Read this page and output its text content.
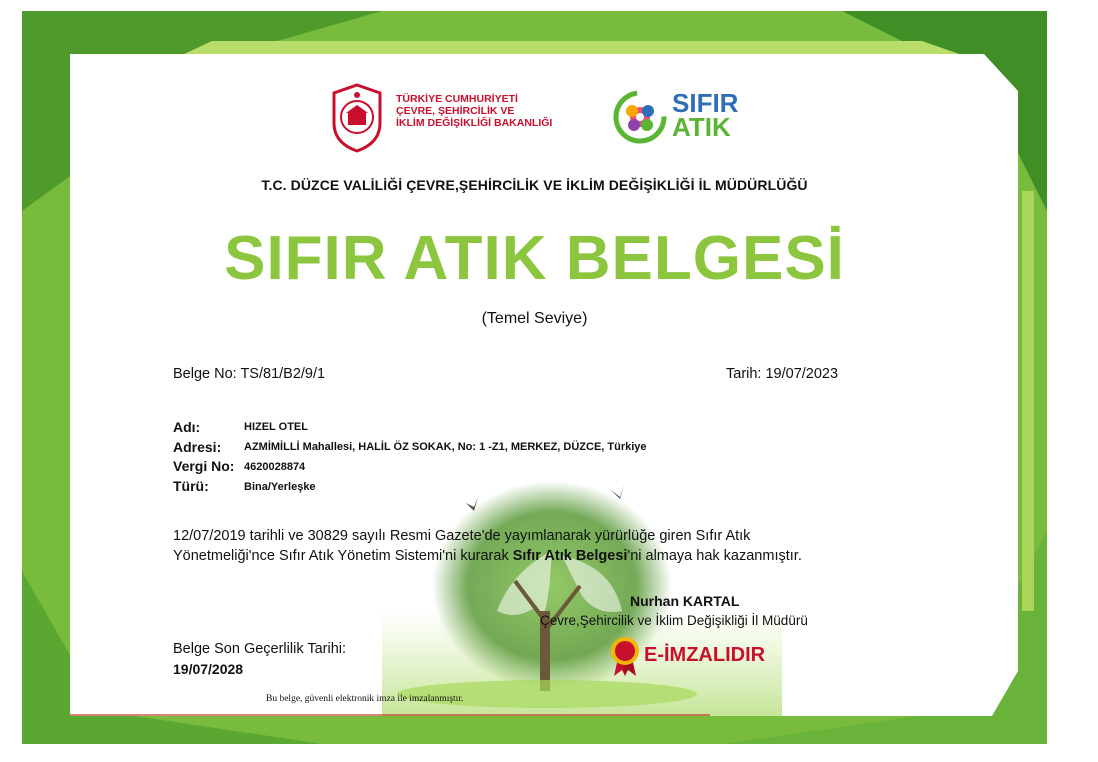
TÜRKİYE CUMHURİYETİ
ÇEVRE, ŞEHİRCİLİK VE
İKLİM DEĞİŞİKLİĞİ BAKANLIĞI
SIFIR
ATIK
T.C. DÜZCE VALİLİĞİ ÇEVRE,ŞEHİRCİLİK VE İKLİM DEĞİŞİKLİĞİ İL MÜDÜRLÜĞÜ
SIFIR ATIK BELGESİ
(Temel Seviye)
Belge No: TS/81/B2/9/1	Tarih: 19/07/2023
Adı:	HIZEL OTEL
Adresi: AZMİMİLLİ Mahallesi, HALİL ÖZ SOKAK, No: 1 -Z1, MERKEZ, DÜZCE, Türkiye
Vergi No: 4620028874
Türü:	Bina/Yerleşke
12/07/2019 tarihli ve 30829 sayılı Resmi Gazete'de yayımlanarak yürürlüğe giren Sıfır Atık
Yönetmeliği'nce Sıfır Atık Yönetim Sistemi'ni kurarak Sıfır Atık Belgesi'ni almaya hak kazanmıştır.
Nurhan KARTAL
Çevre,Şehircilik ve İklim Değişikliği İl Müdürü
E-İMZALIDIR
Belge Son Geçerlilik Tarihi:
19/07/2028
Bu belge, güvenli elektronik imza ile imzalanmıştır.
